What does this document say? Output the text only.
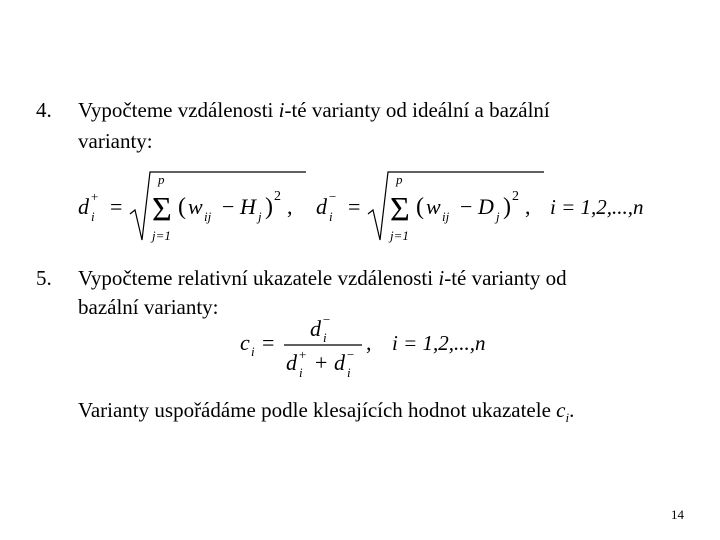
4. Vypočteme vzdálenosti i-té varianty od ideální a bazální
varianty:
d i
+ =
p
Σ
j=1
( w ij − H j ) 2 , d i
− =
p
Σ
j=1
( w ij − D j ) 2 , i = 1,2,...,n
5. Vypočteme relativní ukazatele vzdálenosti i-té varianty od
bazální varianty:
c i =
d i
−
d i
+ + d i
− , i = 1,2,...,n
Varianty uspořádáme podle klesajících hodnot ukazatele $c_i$.
14
